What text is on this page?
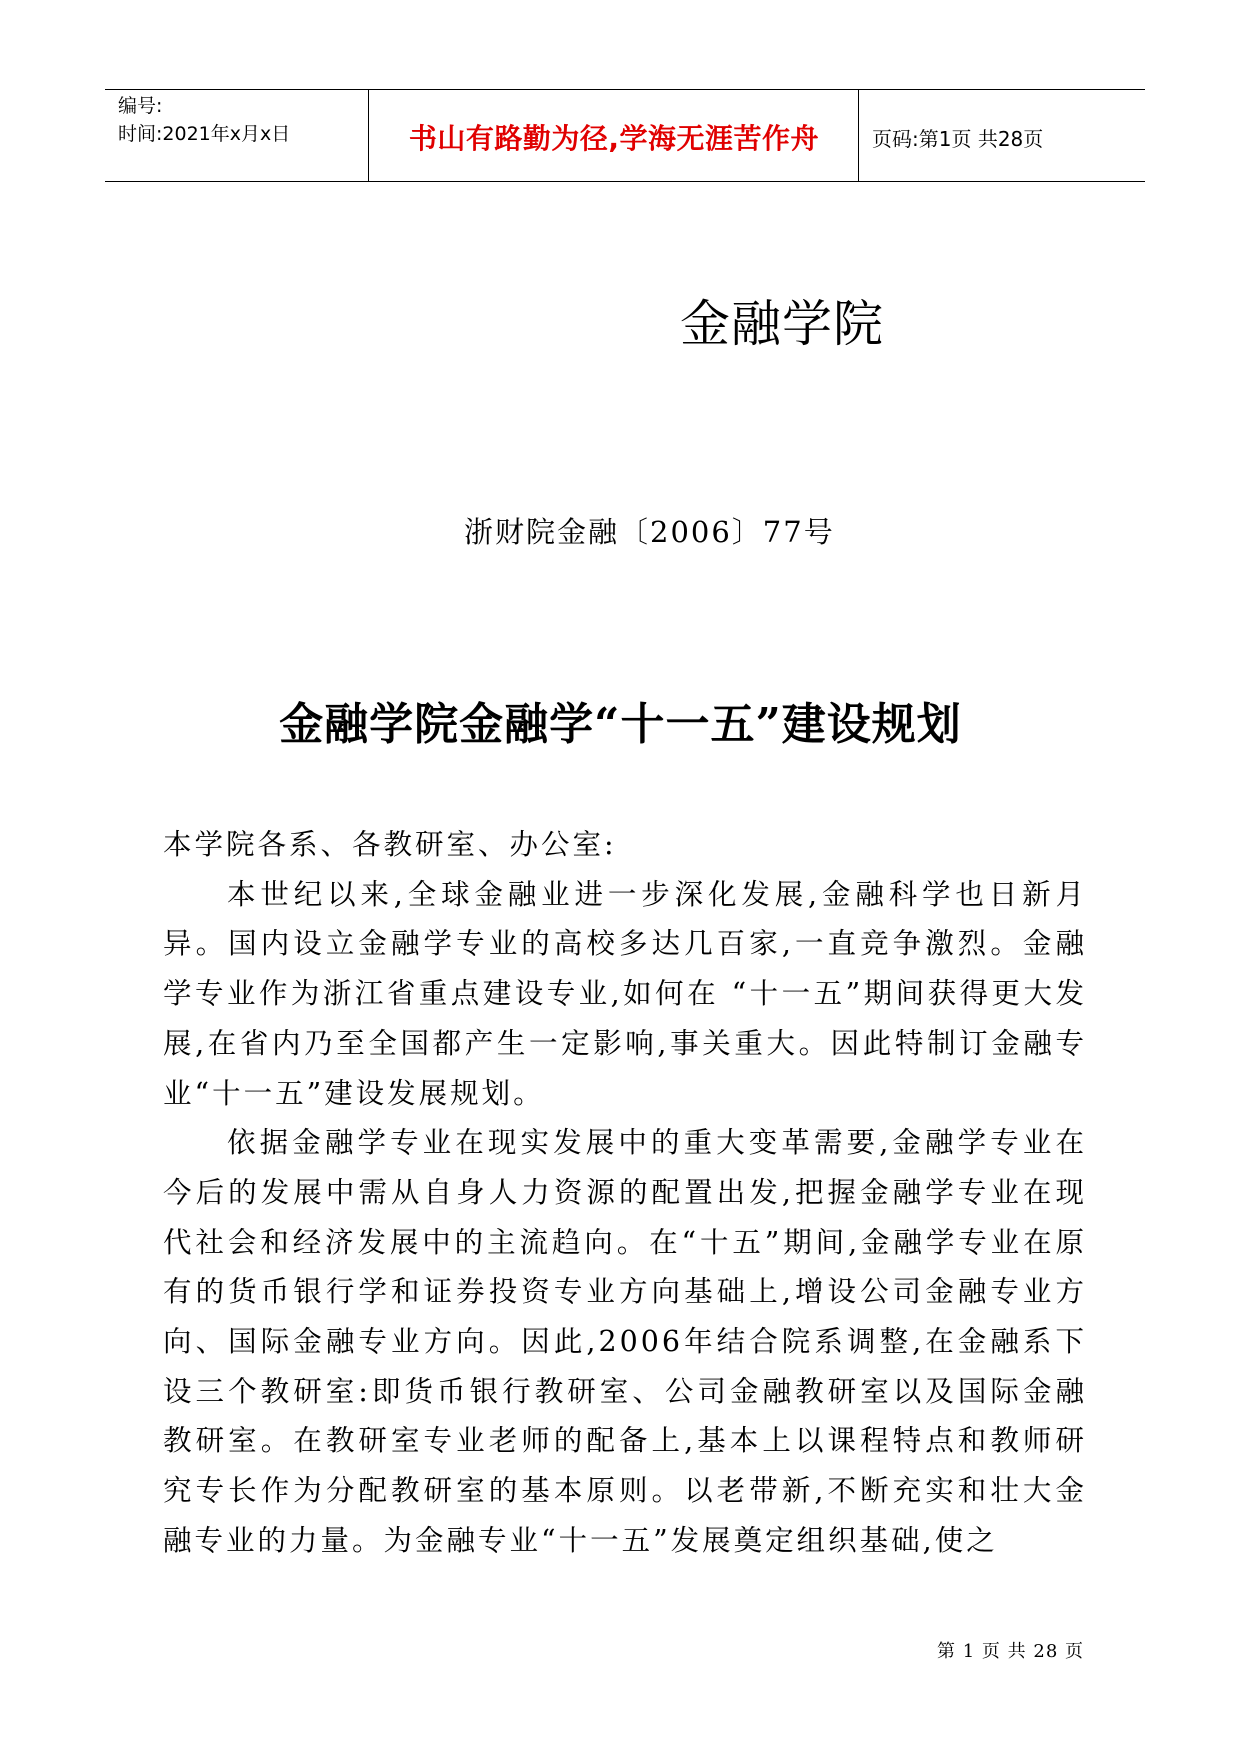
编号:
时间:2021年x月x日	书山有路勤为径,学海无涯苦作舟	页码:第1页 共28页
金融学院
浙财院金融〔2006〕77号
金融学院金融学“十一五”建设规划

本学院各系、各教研室、办公室:

本世纪以来,全球金融业进一步深化发展,金融科学也日新月异。国内设立金融学专业的高校多达几百家,一直竞争激烈。金融学专业作为浙江省重点建设专业,如何在 “十一五”期间获得更大发展,在省内乃至全国都产生一定影响,事关重大。因此特制订金融专业“十一五”建设发展规划。

依据金融学专业在现实发展中的重大变革需要,金融学专业在今后的发展中需从自身人力资源的配置出发,把握金融学专业在现代社会和经济发展中的主流趋向。在“十五”期间,金融学专业在原有的货币银行学和证券投资专业方向基础上,增设公司金融专业方向、国际金融专业方向。因此,2006年结合院系调整,在金融系下设三个教研室:即货币银行教研室、公司金融教研室以及国际金融教研室。在教研室专业老师的配备上,基本上以课程特点和教师研究专长作为分配教研室的基本原则。以老带新,不断充实和壮大金融专业的力量。为金融专业“十一五”发展奠定组织基础,使之

第 1 页 共 28 页
